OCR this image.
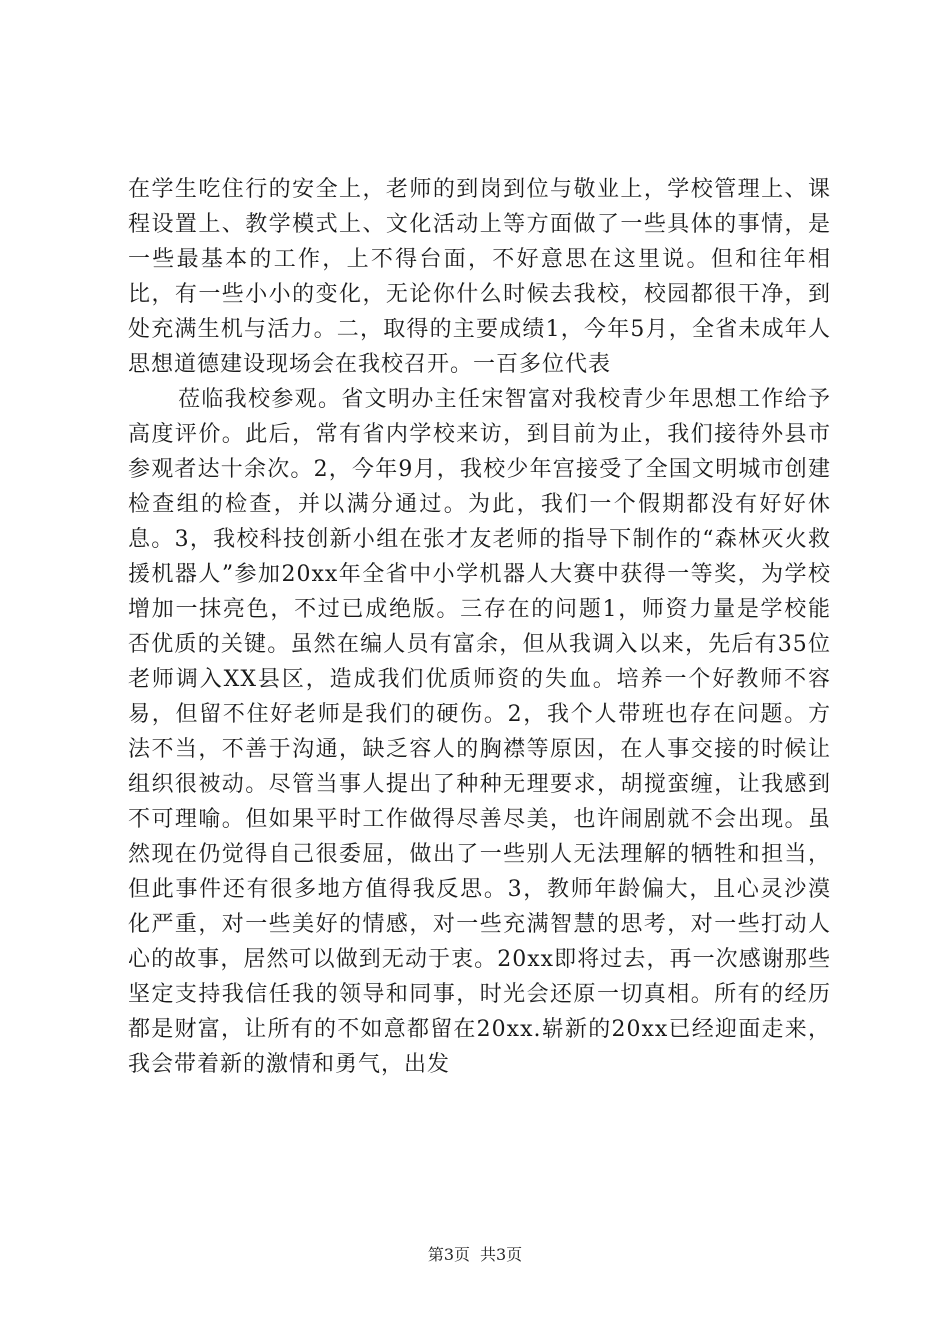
在学生吃住行的安全上，老师的到岗到位与敬业上，学校管理上、课程设置上、教学模式上、文化活动上等方面做了一些具体的事情，是一些最基本的工作，上不得台面，不好意思在这里说。但和往年相比，有一些小小的变化，无论你什么时候去我校，校园都很干净，到处充满生机与活力。二，取得的主要成绩1，今年5月，全省未成年人思想道德建设现场会在我校召开。一百多位代表

莅临我校参观。省文明办主任宋智富对我校青少年思想工作给予高度评价。此后，常有省内学校来访，到目前为止，我们接待外县市参观者达十余次。2，今年9月，我校少年宫接受了全国文明城市创建检查组的检查，并以满分通过。为此，我们一个假期都没有好好休息。3，我校科技创新小组在张才友老师的指导下制作的“森林灭火救援机器人”参加20xx年全省中小学机器人大赛中获得一等奖，为学校增加一抹亮色，不过已成绝版。三存在的问题1，师资力量是学校能否优质的关键。虽然在编人员有富余，但从我调入以来，先后有35位老师调入XX县区，造成我们优质师资的失血。培养一个好教师不容易，但留不住好老师是我们的硬伤。2，我个人带班也存在问题。方法不当，不善于沟通，缺乏容人的胸襟等原因，在人事交接的时候让组织很被动。尽管当事人提出了种种无理要求，胡搅蛮缠，让我感到不可理喻。但如果平时工作做得尽善尽美，也许闹剧就不会出现。虽然现在仍觉得自己很委屈，做出了一些别人无法理解的牺牲和担当，但此事件还有很多地方值得我反思。3，教师年龄偏大，且心灵沙漠化严重，对一些美好的情感，对一些充满智慧的思考，对一些打动人心的故事，居然可以做到无动于衷。20xx即将过去，再一次感谢那些坚定支持我信任我的领导和同事，时光会还原一切真相。所有的经历都是财富，让所有的不如意都留在20xx.崭新的20xx已经迎面走来，我会带着新的激情和勇气，出发

第3页 共3页
